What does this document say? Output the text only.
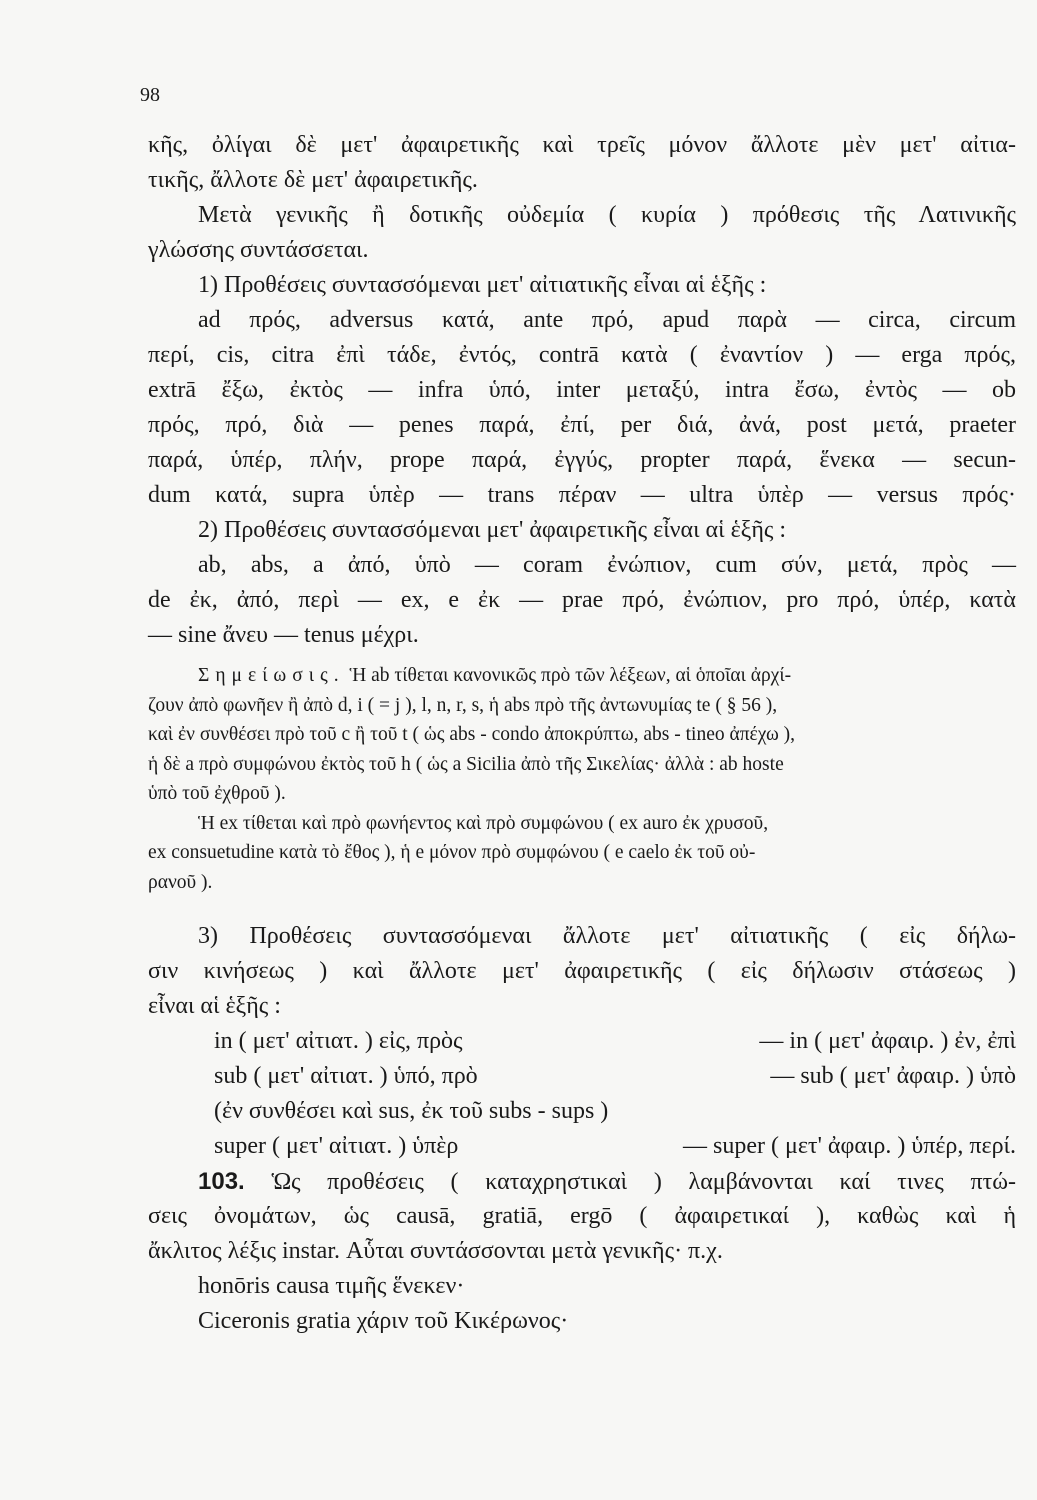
98
κῆς, ὀλίγαι δὲ μετ' ἀφαιρετικῆς καὶ τρεῖς μόνον ἄλλοτε μὲν μετ' αἰτια-
τικῆς, ἄλλοτε δὲ μετ' ἀφαιρετικῆς.
Μετὰ γενικῆς ἢ δοτικῆς οὐδεμία ( κυρία ) πρόθεσις τῆς Λατινικῆς
γλώσσης συντάσσεται.
1) Προθέσεις συντασσόμεναι μετ' αἰτιατικῆς εἶναι αἱ ἑξῆς :
ad πρός, adversus κατά, ante πρό, apud παρὰ — circa, circum
περί, cis, citra ἐπὶ τάδε, ἐντός, contrā κατὰ ( ἐναντίον ) — erga πρός,
extrā ἔξω, ἐκτὸς — infra ὑπό, inter μεταξύ, intra ἔσω, ἐντὸς — ob
πρός, πρό, διὰ — penes παρά, ἐπί, per διά, ἀνά, post μετά, praeter
παρά, ὑπέρ, πλήν, prope παρά, ἐγγύς, propter παρά, ἕνεκα — secun-
dum κατά, supra ὑπὲρ — trans πέραν — ultra ὑπὲρ — versus πρός·
2) Προθέσεις συντασσόμεναι μετ' ἀφαιρετικῆς εἶναι αἱ ἑξῆς :
ab, abs, a ἀπό, ὑπὸ — coram ἐνώπιον, cum σύν, μετά, πρὸς —
de ἐκ, ἀπό, περὶ — ex, e ἐκ — prae πρό, ἐνώπιον, pro πρό, ὑπέρ, κατὰ
— sine ἄνευ — tenus μέχρι.
Σημείωσις. Ἡ ab τίθεται κανονικῶς πρὸ τῶν λέξεων, αἱ ὁποῖαι ἀρχί-
ζουν ἀπὸ φωνῆεν ἢ ἀπὸ d, i ( = j ), l, n, r, s, ἡ abs πρὸ τῆς ἀντωνυμίας te ( § 56 ),
καὶ ἐν συνθέσει πρὸ τοῦ c ἢ τοῦ t ( ὡς abs - condo ἀποκρύπτω, abs - tineo ἀπέχω ),
ἡ δὲ a πρὸ συμφώνου ἐκτὸς τοῦ h ( ὡς a Sicilia ἀπὸ τῆς Σικελίας· ἀλλὰ : ab hoste
ὑπὸ τοῦ ἐχθροῦ ).
Ἡ ex τίθεται καὶ πρὸ φωνήεντος καὶ πρὸ συμφώνου ( ex auro ἐκ χρυσοῦ,
ex consuetudine κατὰ τὸ ἔθος ), ἡ e μόνον πρὸ συμφώνου ( e caelo ἐκ τοῦ οὐ-
ρανοῦ ).
3) Προθέσεις συντασσόμεναι ἄλλοτε μετ' αἰτιατικῆς ( εἰς δήλω-
σιν κινήσεως ) καὶ ἄλλοτε μετ' ἀφαιρετικῆς ( εἰς δήλωσιν στάσεως )
εἶναι αἱ ἑξῆς :
in ( μετ' αἰτιατ. ) εἰς, πρὸς	— in ( μετ' ἀφαιρ. ) ἐν, ἐπὶ
sub ( μετ' αἰτιατ. ) ὑπό, πρὸ	— sub ( μετ' ἀφαιρ. ) ὑπὸ
(ἐν συνθέσει καὶ sus, ἐκ τοῦ subs - sups )
super ( μετ' αἰτιατ. ) ὑπὲρ	— super ( μετ' ἀφαιρ. ) ὑπέρ, περί.
103. Ὡς προθέσεις ( καταχρηστικαὶ ) λαμβάνονται καί τινες πτώ-
σεις ὀνομάτων, ὡς causā, gratiā, ergō ( ἀφαιρετικαί ), καθὼς καὶ ἡ
ἄκλιτος λέξις instar. Αὗται συντάσσονται μετὰ γενικῆς· π.χ.
honōris causa τιμῆς ἕνεκεν·
Ciceronis gratia χάριν τοῦ Κικέρωνος·
